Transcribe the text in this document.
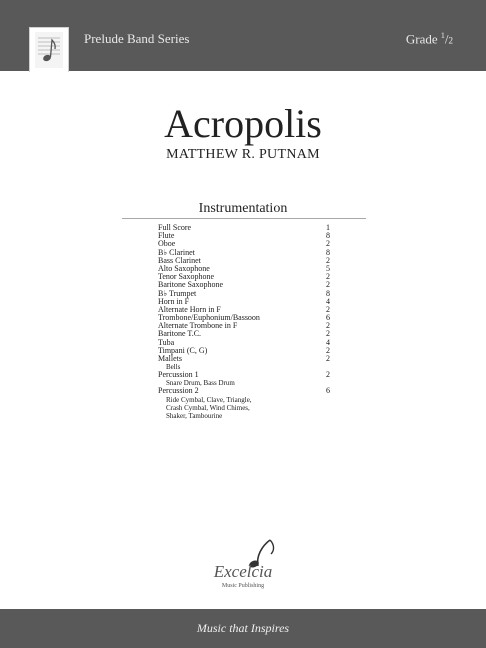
Prelude Band Series	Grade $^1$/2
Acropolis
MATTHEW R. PUTNAM
Instrumentation
Full Score	1
Flute	8
Oboe	2
B♭ Clarinet	8
Bass Clarinet	2
Alto Saxophone	5
Tenor Saxophone	2
Baritone Saxophone	2
B♭ Trumpet	8
Horn in F	4
Alternate Horn in F	2
Trombone/Euphonium/Bassoon	6
Alternate Trombone in F	2
Baritone T.C.	2
Tuba	4
Timpani (C, G)	2
Mallets	2
Bells
Percussion 1	2
Snare Drum, Bass Drum
Percussion 2	6
Ride Cymbal, Clave, Triangle,
Crash Cymbal, Wind Chimes,
Shaker, Tambourine
Excelcia
Music Publishing
Music that Inspires
